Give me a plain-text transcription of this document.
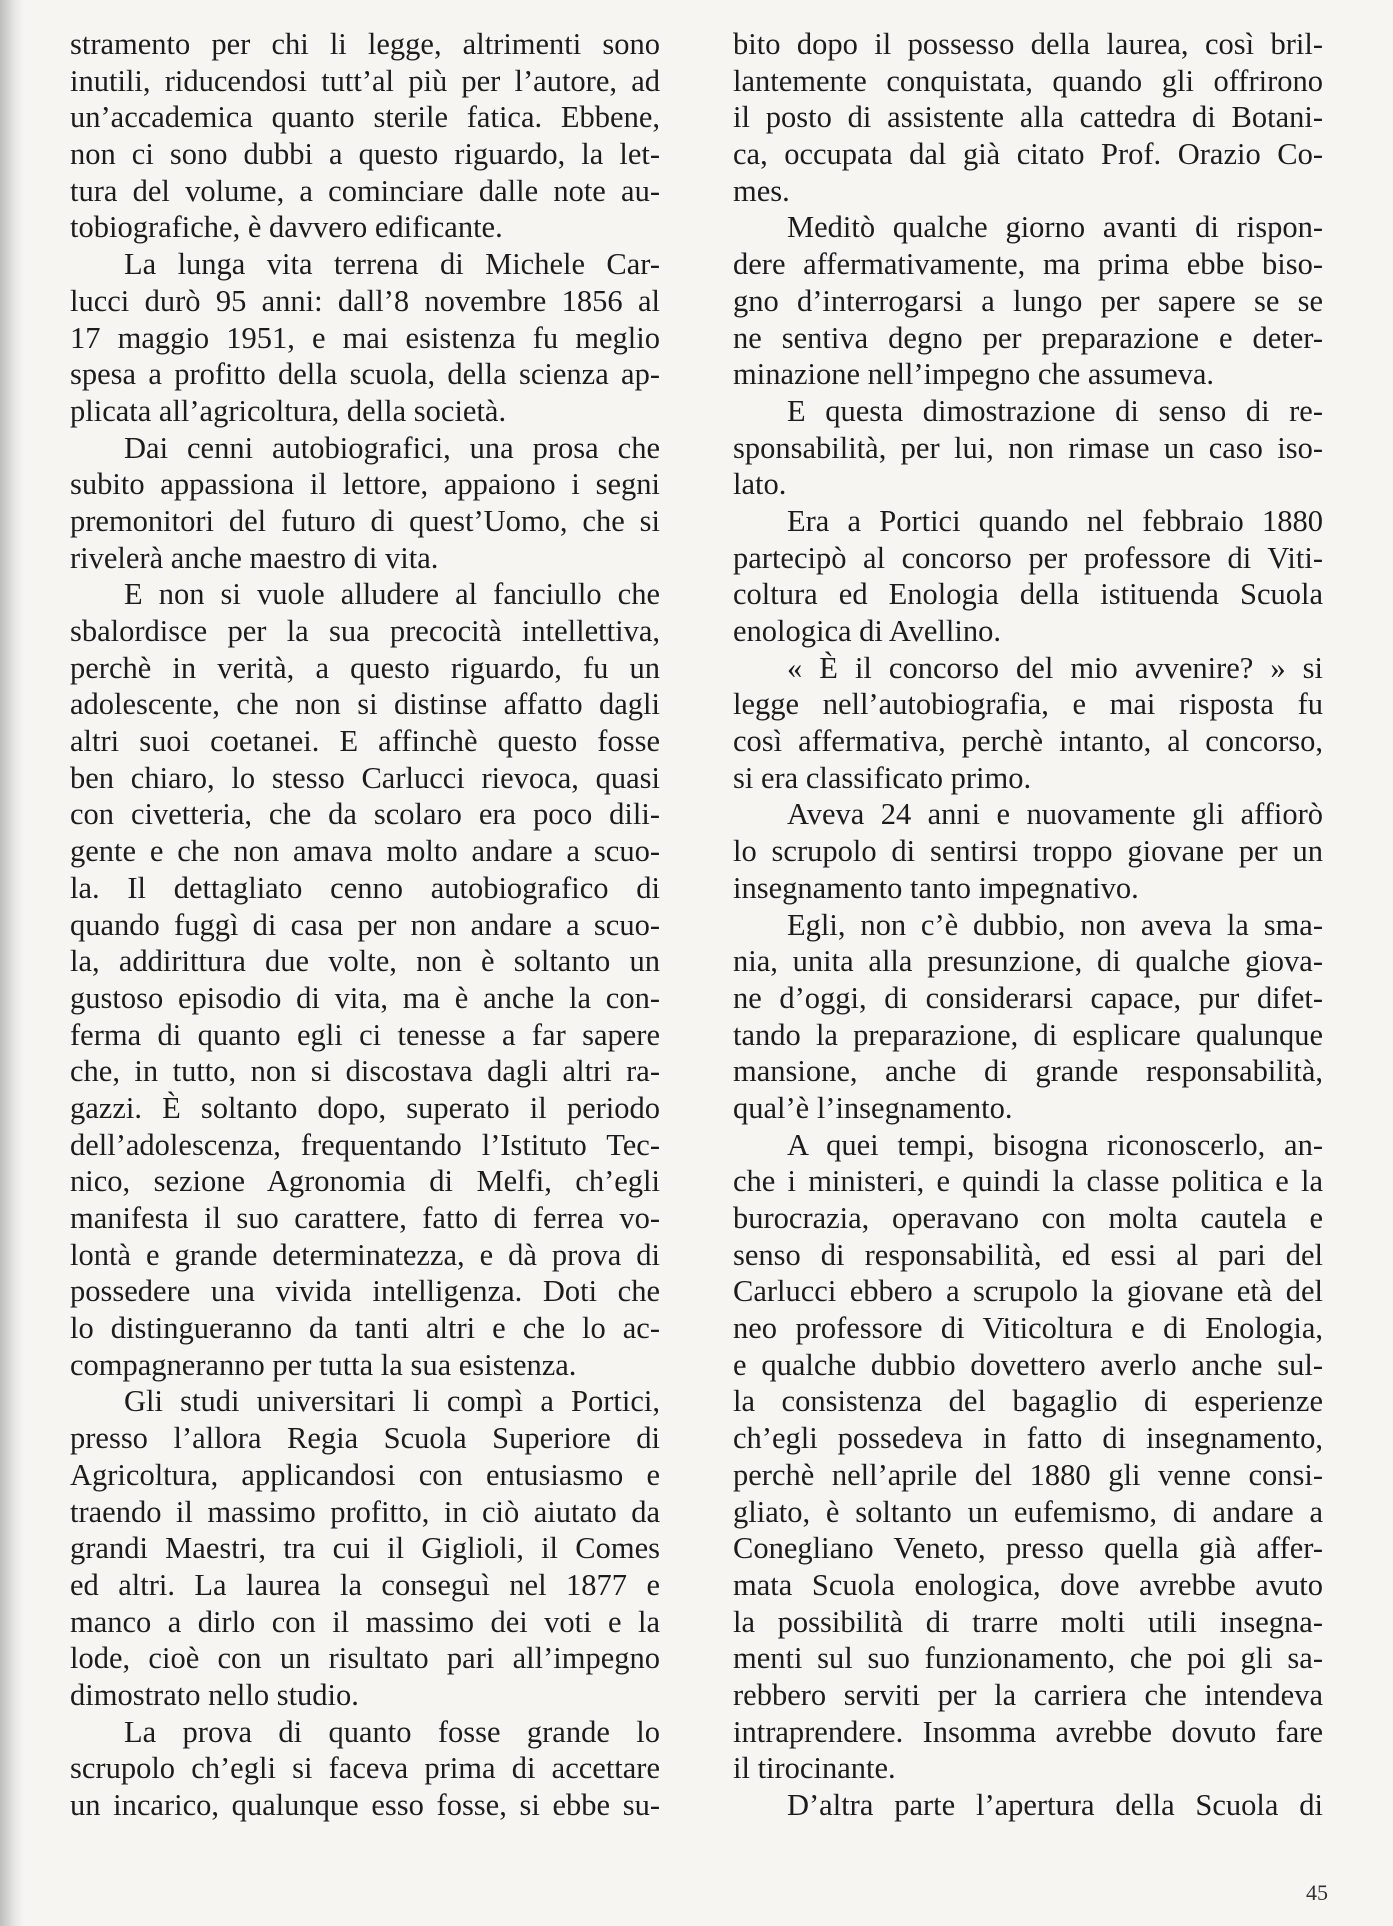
stramento per chi li legge, altrimenti sono
inutili, riducendosi tutt’al più per l’autore, ad
un’accademica quanto sterile fatica. Ebbene,
non ci sono dubbi a questo riguardo, la let-
tura del volume, a cominciare dalle note au-
tobiografiche, è davvero edificante.
La lunga vita terrena di Michele Car-
lucci durò 95 anni: dall’8 novembre 1856 al
17 maggio 1951, e mai esistenza fu meglio
spesa a profitto della scuola, della scienza ap-
plicata all’agricoltura, della società.
Dai cenni autobiografici, una prosa che
subito appassiona il lettore, appaiono i segni
premonitori del futuro di quest’Uomo, che si
rivelerà anche maestro di vita.
E non si vuole alludere al fanciullo che
sbalordisce per la sua precocità intellettiva,
perchè in verità, a questo riguardo, fu un
adolescente, che non si distinse affatto dagli
altri suoi coetanei. E affinchè questo fosse
ben chiaro, lo stesso Carlucci rievoca, quasi
con civetteria, che da scolaro era poco dili-
gente e che non amava molto andare a scuo-
la. Il dettagliato cenno autobiografico di
quando fuggì di casa per non andare a scuo-
la, addirittura due volte, non è soltanto un
gustoso episodio di vita, ma è anche la con-
ferma di quanto egli ci tenesse a far sapere
che, in tutto, non si discostava dagli altri ra-
gazzi. È soltanto dopo, superato il periodo
dell’adolescenza, frequentando l’Istituto Tec-
nico, sezione Agronomia di Melfi, ch’egli
manifesta il suo carattere, fatto di ferrea vo-
lontà e grande determinatezza, e dà prova di
possedere una vivida intelligenza. Doti che
lo distingueranno da tanti altri e che lo ac-
compagneranno per tutta la sua esistenza.
Gli studi universitari li compì a Portici,
presso l’allora Regia Scuola Superiore di
Agricoltura, applicandosi con entusiasmo e
traendo il massimo profitto, in ciò aiutato da
grandi Maestri, tra cui il Giglioli, il Comes
ed altri. La laurea la conseguì nel 1877 e
manco a dirlo con il massimo dei voti e la
lode, cioè con un risultato pari all’impegno
dimostrato nello studio.
La prova di quanto fosse grande lo
scrupolo ch’egli si faceva prima di accettare
un incarico, qualunque esso fosse, si ebbe su-
bito dopo il possesso della laurea, così bril-
lantemente conquistata, quando gli offrirono
il posto di assistente alla cattedra di Botani-
ca, occupata dal già citato Prof. Orazio Co-
mes.
Meditò qualche giorno avanti di rispon-
dere affermativamente, ma prima ebbe biso-
gno d’interrogarsi a lungo per sapere se se
ne sentiva degno per preparazione e deter-
minazione nell’impegno che assumeva.
E questa dimostrazione di senso di re-
sponsabilità, per lui, non rimase un caso iso-
lato.
Era a Portici quando nel febbraio 1880
partecipò al concorso per professore di Viti-
coltura ed Enologia della istituenda Scuola
enologica di Avellino.
« È il concorso del mio avvenire? » si
legge nell’autobiografia, e mai risposta fu
così affermativa, perchè intanto, al concorso,
si era classificato primo.
Aveva 24 anni e nuovamente gli affiorò
lo scrupolo di sentirsi troppo giovane per un
insegnamento tanto impegnativo.
Egli, non c’è dubbio, non aveva la sma-
nia, unita alla presunzione, di qualche giova-
ne d’oggi, di considerarsi capace, pur difet-
tando la preparazione, di esplicare qualunque
mansione, anche di grande responsabilità,
qual’è l’insegnamento.
A quei tempi, bisogna riconoscerlo, an-
che i ministeri, e quindi la classe politica e la
burocrazia, operavano con molta cautela e
senso di responsabilità, ed essi al pari del
Carlucci ebbero a scrupolo la giovane età del
neo professore di Viticoltura e di Enologia,
e qualche dubbio dovettero averlo anche sul-
la consistenza del bagaglio di esperienze
ch’egli possedeva in fatto di insegnamento,
perchè nell’aprile del 1880 gli venne consi-
gliato, è soltanto un eufemismo, di andare a
Conegliano Veneto, presso quella già affer-
mata Scuola enologica, dove avrebbe avuto
la possibilità di trarre molti utili insegna-
menti sul suo funzionamento, che poi gli sa-
rebbero serviti per la carriera che intendeva
intraprendere. Insomma avrebbe dovuto fare
il tirocinante.
D’altra parte l’apertura della Scuola di
45
